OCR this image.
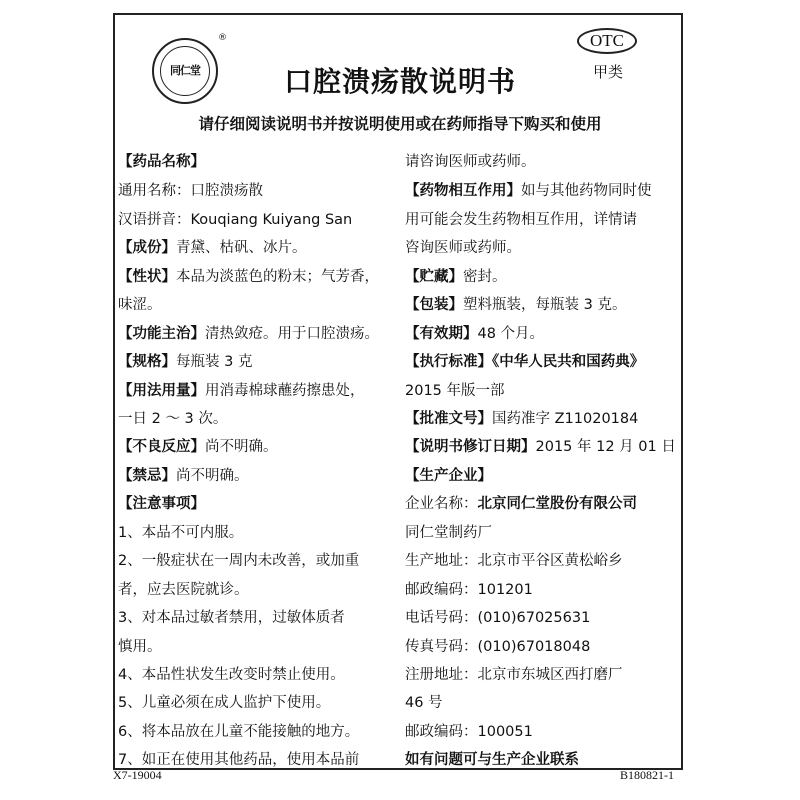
同仁堂
®	OTC
甲类
口腔溃疡散说明书
请仔细阅读说明书并按说明使用或在药师指导下购买和使用
【药品名称】
通用名称：口腔溃疡散
汉语拼音：Kouqiang Kuiyang San
【成份】青黛、枯矾、冰片。
【性状】本品为淡蓝色的粉末；气芳香，
味涩。
【功能主治】清热敛疮。用于口腔溃疡。
【规格】每瓶装 3 克
【用法用量】用消毒棉球蘸药擦患处，
一日 2 ～ 3 次。
【不良反应】尚不明确。
【禁忌】尚不明确。
【注意事项】
1、本品不可内服。
2、一般症状在一周内未改善，或加重
者，应去医院就诊。
3、对本品过敏者禁用，过敏体质者
慎用。
4、本品性状发生改变时禁止使用。
5、儿童必须在成人监护下使用。
6、将本品放在儿童不能接触的地方。
7、如正在使用其他药品，使用本品前
请咨询医师或药师。
【药物相互作用】如与其他药物同时使
用可能会发生药物相互作用，详情请
咨询医师或药师。
【贮藏】密封。
【包装】塑料瓶装，每瓶装 3 克。
【有效期】48 个月。
【执行标准】《中华人民共和国药典》
2015 年版一部
【批准文号】国药准字 Z11020184
【说明书修订日期】2015 年 12 月 01 日
【生产企业】
企业名称：北京同仁堂股份有限公司
同仁堂制药厂
生产地址：北京市平谷区黄松峪乡
邮政编码：101201
电话号码：(010)67025631
传真号码：(010)67018048
注册地址：北京市东城区西打磨厂
46 号
邮政编码：100051
如有问题可与生产企业联系
X7-19004	B180821-1
